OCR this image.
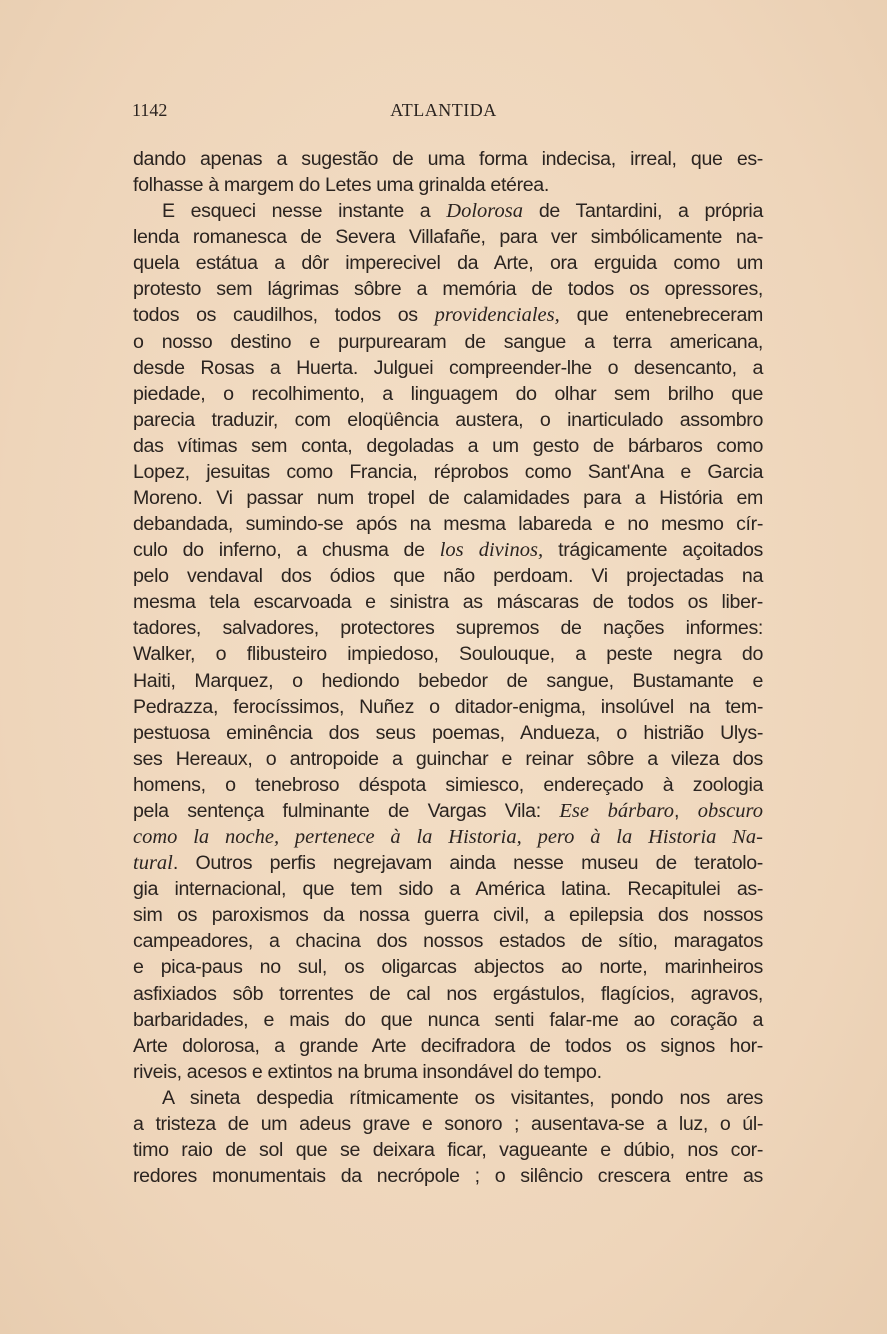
1142	ATLANTIDA
dando apenas a sugestão de uma forma indecisa, irreal, que es-
folhasse à margem do Letes uma grinalda etérea.
E esqueci nesse instante a Dolorosa de Tantardini, a própria
lenda romanesca de Severa Villafañe, para ver simbólicamente na-
quela estátua a dôr imperecivel da Arte, ora erguida como um
protesto sem lágrimas sôbre a memória de todos os opressores,
todos os caudilhos, todos os providenciales, que entenebreceram
o nosso destino e purpurearam de sangue a terra americana,
desde Rosas a Huerta. Julguei compreender-lhe o desencanto, a
piedade, o recolhimento, a linguagem do olhar sem brilho que
parecia traduzir, com eloqüência austera, o inarticulado assombro
das vítimas sem conta, degoladas a um gesto de bárbaros como
Lopez, jesuitas como Francia, réprobos como Sant'Ana e Garcia
Moreno. Vi passar num tropel de calamidades para a História em
debandada, sumindo-se após na mesma labareda e no mesmo cír-
culo do inferno, a chusma de los divinos, trágicamente açoitados
pelo vendaval dos ódios que não perdoam. Vi projectadas na
mesma tela escarvoada e sinistra as máscaras de todos os liber-
tadores, salvadores, protectores supremos de nações informes:
Walker, o flibusteiro impiedoso, Soulouque, a peste negra do
Haiti, Marquez, o hediondo bebedor de sangue, Bustamante e
Pedrazza, ferocíssimos, Nuñez o ditador-enigma, insolúvel na tem-
pestuosa eminência dos seus poemas, Andueza, o histrião Ulys-
ses Hereaux, o antropoide a guinchar e reinar sôbre a vileza dos
homens, o tenebroso déspota simiesco, endereçado à zoologia
pela sentença fulminante de Vargas Vila: Ese bárbaro, obscuro
como la noche, pertenece à la Historia, pero à la Historia Na-
tural. Outros perfis negrejavam ainda nesse museu de teratolo-
gia internacional, que tem sido a América latina. Recapitulei as-
sim os paroxismos da nossa guerra civil, a epilepsia dos nossos
campeadores, a chacina dos nossos estados de sítio, maragatos
e pica-paus no sul, os oligarcas abjectos ao norte, marinheiros
asfixiados sôb torrentes de cal nos ergástulos, flagícios, agravos,
barbaridades, e mais do que nunca senti falar-me ao coração a
Arte dolorosa, a grande Arte decifradora de todos os signos hor-
riveis, acesos e extintos na bruma insondável do tempo.
A sineta despedia rítmicamente os visitantes, pondo nos ares
a tristeza de um adeus grave e sonoro ; ausentava-se a luz, o úl-
timo raio de sol que se deixara ficar, vagueante e dúbio, nos cor-
redores monumentais da necrópole ; o silêncio crescera entre as
